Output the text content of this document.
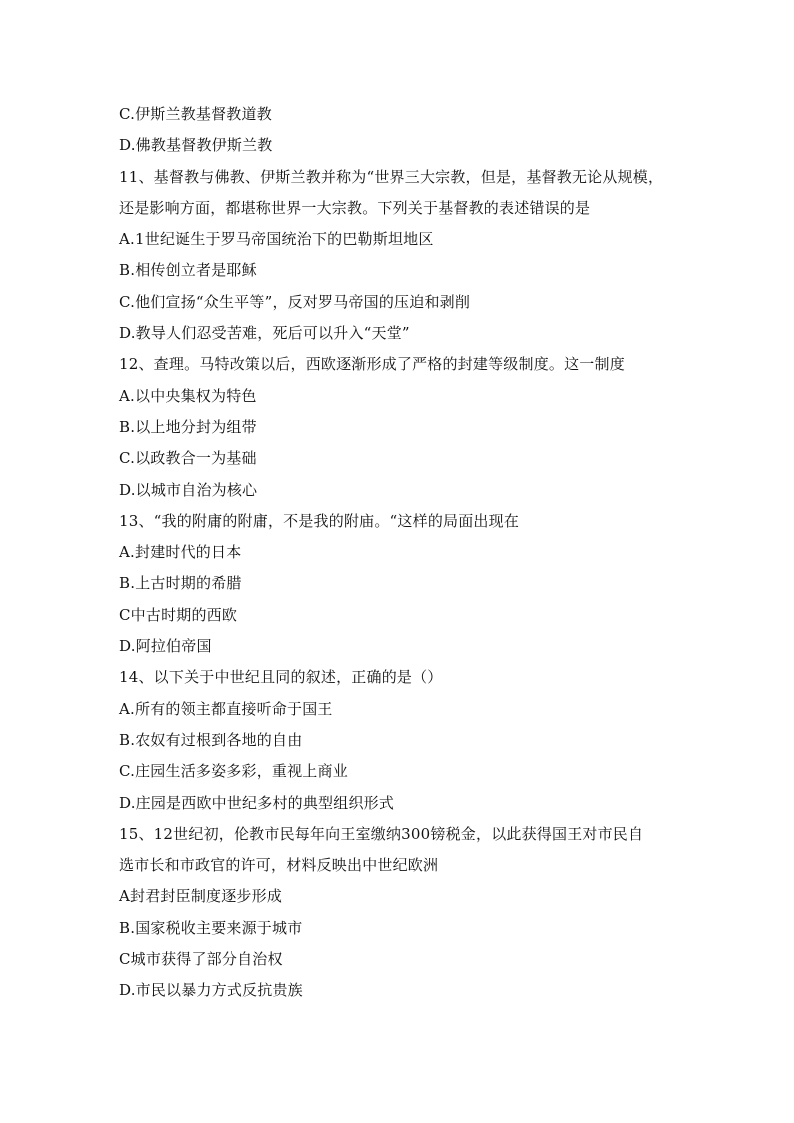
C.伊斯兰教基督教道教
D.佛教基督教伊斯兰教
11、基督教与佛教、伊斯兰教并称为“世界三大宗教，但是，基督教无论从规模，
还是影响方面，都堪称世界一大宗教。下列关于基督教的表述错误的是
A.1世纪诞生于罗马帝国统治下的巴勒斯坦地区
B.相传创立者是耶稣
C.他们宣扬“众生平等”，反对罗马帝国的压迫和剥削
D.教导人们忍受苦难，死后可以升入“天堂”
12、查理。马特改策以后，西欧逐渐形成了严格的封建等级制度。这一制度
A.以中央集权为特色
B.以上地分封为组带
C.以政教合一为基础
D.以城市自治为核心
13、“我的附庸的附庸，不是我的附庙。“这样的局面出现在
A.封建时代的日本
B.上古时期的希腊
C中古时期的西欧
D.阿拉伯帝国
14、以下关于中世纪且同的叙述，正确的是（）
A.所有的领主都直接听命于国王
B.农奴有过根到各地的自由
C.庄园生活多姿多彩，重视上商业
D.庄园是西欧中世纪多村的典型组织形式
15、12世纪初，伦教市民每年向王室缴纳300镑税金，以此获得国王对市民自
选市长和市政官的许可，材料反映出中世纪欧洲
A封君封臣制度逐步形成
B.国家税收主要来源于城市
C城市获得了部分自治权
D.市民以暴力方式反抗贵族
